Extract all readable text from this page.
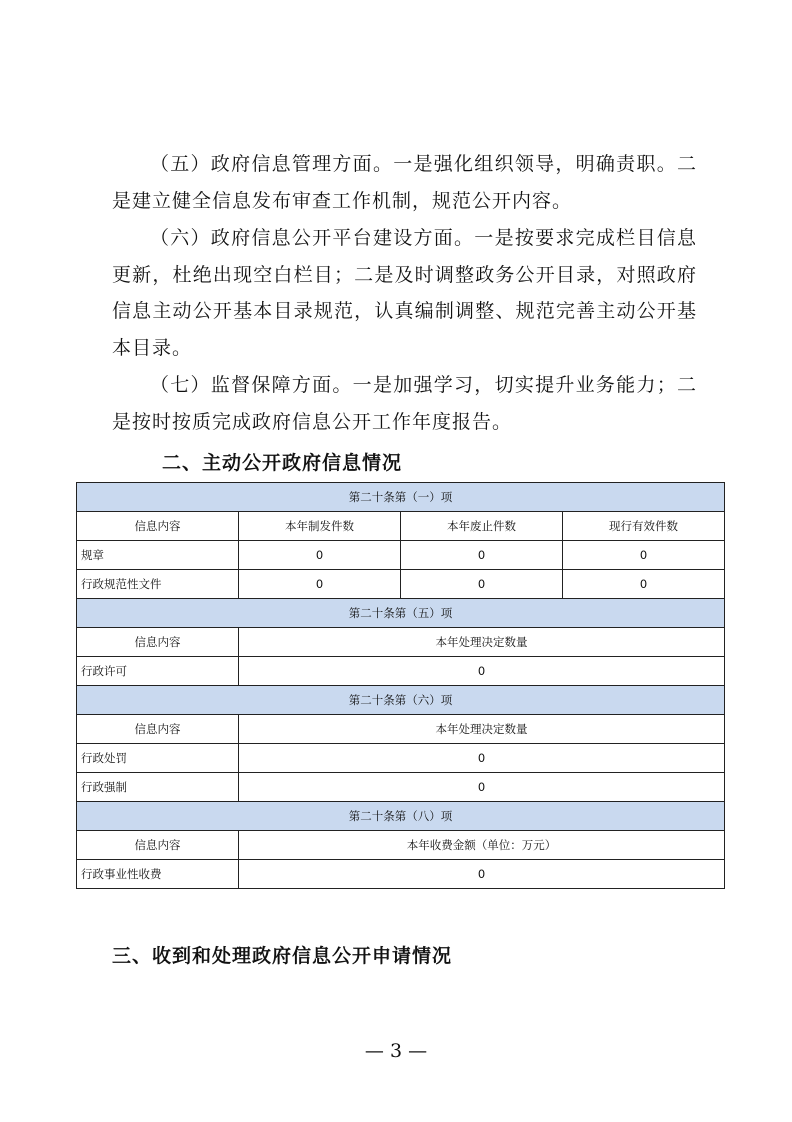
（五）政府信息管理方面。一是强化组织领导，明确责职。二是建立健全信息发布审查工作机制，规范公开内容。

（六）政府信息公开平台建设方面。一是按要求完成栏目信息更新，杜绝出现空白栏目；二是及时调整政务公开目录，对照政府信息主动公开基本目录规范，认真编制调整、规范完善主动公开基本目录。

（七）监督保障方面。一是加强学习，切实提升业务能力；二是按时按质完成政府信息公开工作年度报告。

二、主动公开政府信息情况
第二十条第（一）项			
信息内容	本年制发件数	本年废止件数	现行有效件数
规章	0	0	0
行政规范性文件	0	0	0
第二十条第（五）项			
信息内容	本年处理决定数量		
行政许可	0		
第二十条第（六）项			
信息内容	本年处理决定数量		
行政处罚	0		
行政强制	0		
第二十条第（八）项			
信息内容	本年收费金额（单位：万元）		
行政事业性收费	0		
三、收到和处理政府信息公开申请情况
— 3 —
